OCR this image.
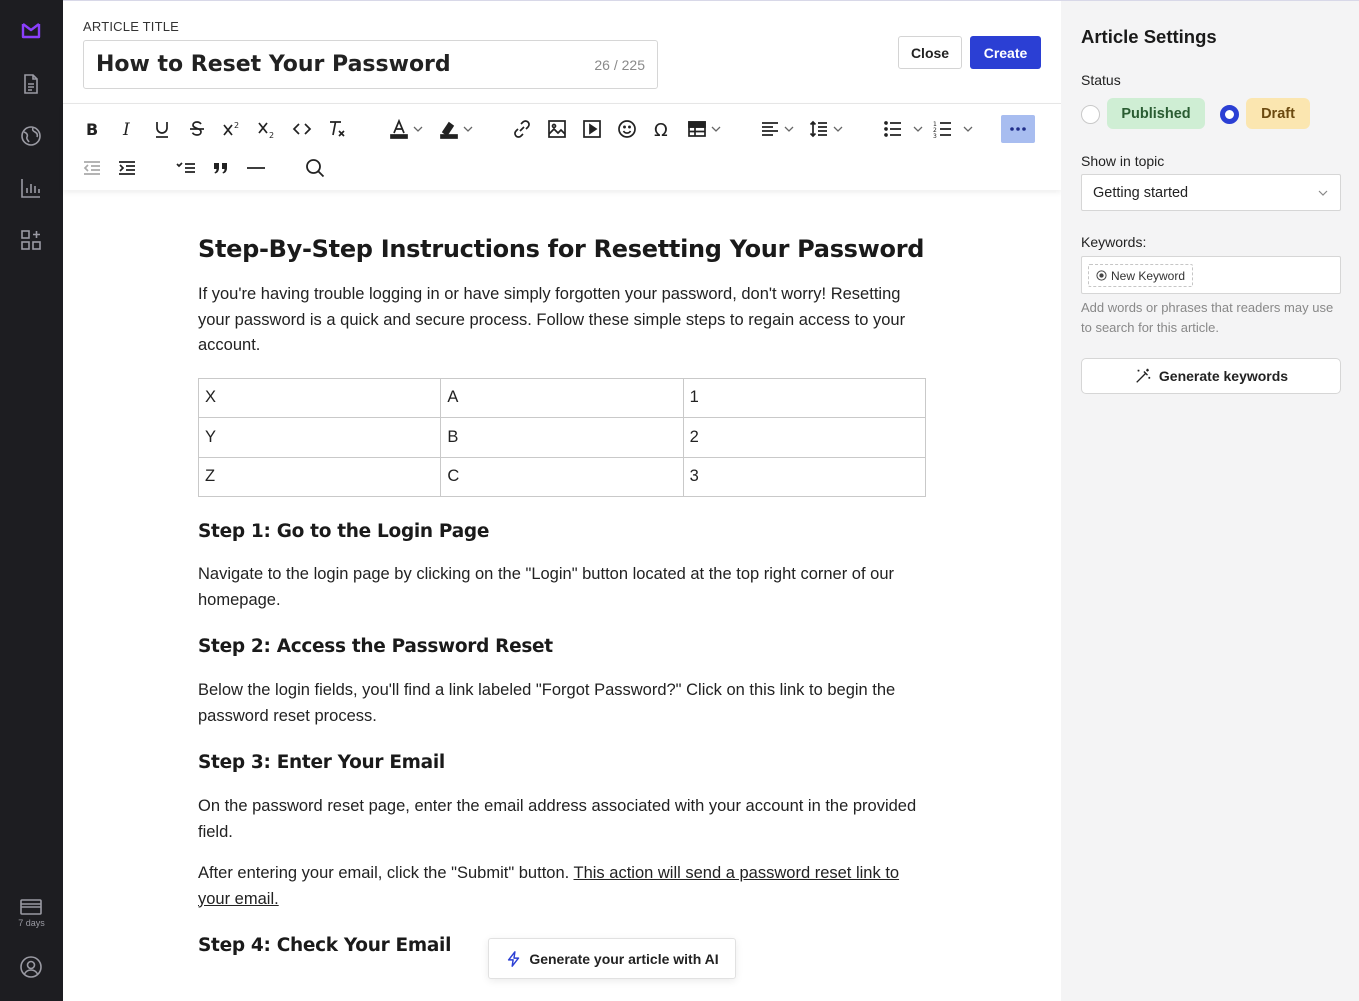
7 days
ARTICLE TITLE
How to Reset Your Password
26 / 225
Close	Create
B I	2
2	Ω	1
2
3
Step-By-Step Instructions for Resetting Your Password

If you're having trouble logging in or have simply forgotten your password, don't worry! Resetting your password is a quick and secure process. Follow these simple steps to regain access to your account.

X	A	1
Y	B	2
Z	C	3
Step 1: Go to the Login Page

Navigate to the login page by clicking on the "Login" button located at the top right corner of our homepage.

Step 2: Access the Password Reset

Below the login fields, you'll find a link labeled "Forgot Password?" Click on this link to begin the password reset process.

Step 3: Enter Your Email

On the password reset page, enter the email address associated with your account in the provided field.

After entering your email, click the "Submit" button. This action will send a password reset link to your email.

Step 4: Check Your Email
Generate your article with AI
Article Settings
Status
Published	Draft
Show in topic
Getting started
Keywords:
New Keyword
Add words or phrases that readers may use to search for this article.
Generate keywords
